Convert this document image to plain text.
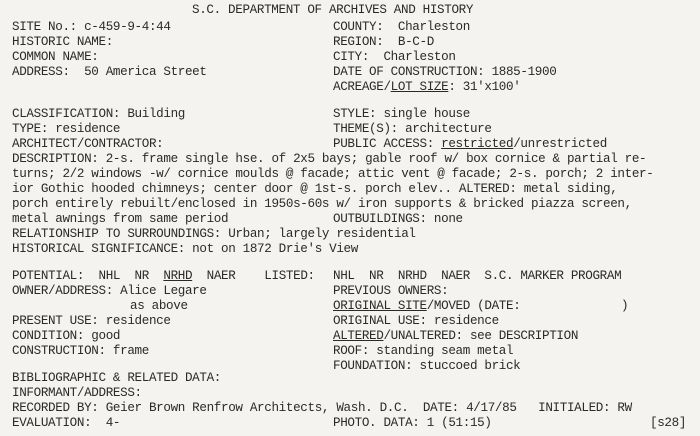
S.C. DEPARTMENT OF ARCHIVES AND HISTORY

SITE No.: c-459-9-4:44	COUNTY:  Charleston

HISTORIC NAME:	REGION:  B-C-D

COMMON NAME:	CITY:  Charleston

ADDRESS:  50 America Street	DATE OF CONSTRUCTION: 1885-1900

ACREAGE/LOT SIZE: 31'x100'

CLASSIFICATION: Building	STYLE: single house

TYPE: residence	THEME(S): architecture

ARCHITECT/CONTRACTOR:	PUBLIC ACCESS: restricted/unrestricted

DESCRIPTION: 2-s. frame single hse. of 2x5 bays; gable roof w/ box cornice & partial re-

turns; 2/2 windows -w/ cornice moulds @ facade; attic vent @ facade; 2-s. porch; 2 inter-

ior Gothic hooded chimneys; center door @ 1st-s. porch elev.. ALTERED: metal siding,

porch entirely rebuilt/enclosed in 1950s-60s w/ iron supports & bricked piazza screen,

metal awnings from same period	OUTBUILDINGS: none

RELATIONSHIP TO SURROUNDINGS: Urban; largely residential

HISTORICAL SIGNIFICANCE: not on 1872 Drie's View

POTENTIAL:  NHL  NR  NRHD  NAER    LISTED: NHL  NR  NRHD  NAER  S.C. MARKER PROGRAM

OWNER/ADDRESS: Alice Legare	PREVIOUS OWNERS:

as above	ORIGINAL SITE/MOVED (DATE:	)

PRESENT USE: residence	ORIGINAL USE: residence

CONDITION: good	ALTERED/UNALTERED: see DESCRIPTION

CONSTRUCTION: frame	ROOF: standing seam metal

FOUNDATION: stuccoed brick

BIBLIOGRAPHIC & RELATED DATA:

INFORMANT/ADDRESS:

RECORDED BY: Geier Brown Renfrow Architects, Wash. D.C.  DATE: 4/17/85   INITIALED: RW

EVALUATION:  4-	PHOTO. DATA: 1 (51:15)	[s28]
